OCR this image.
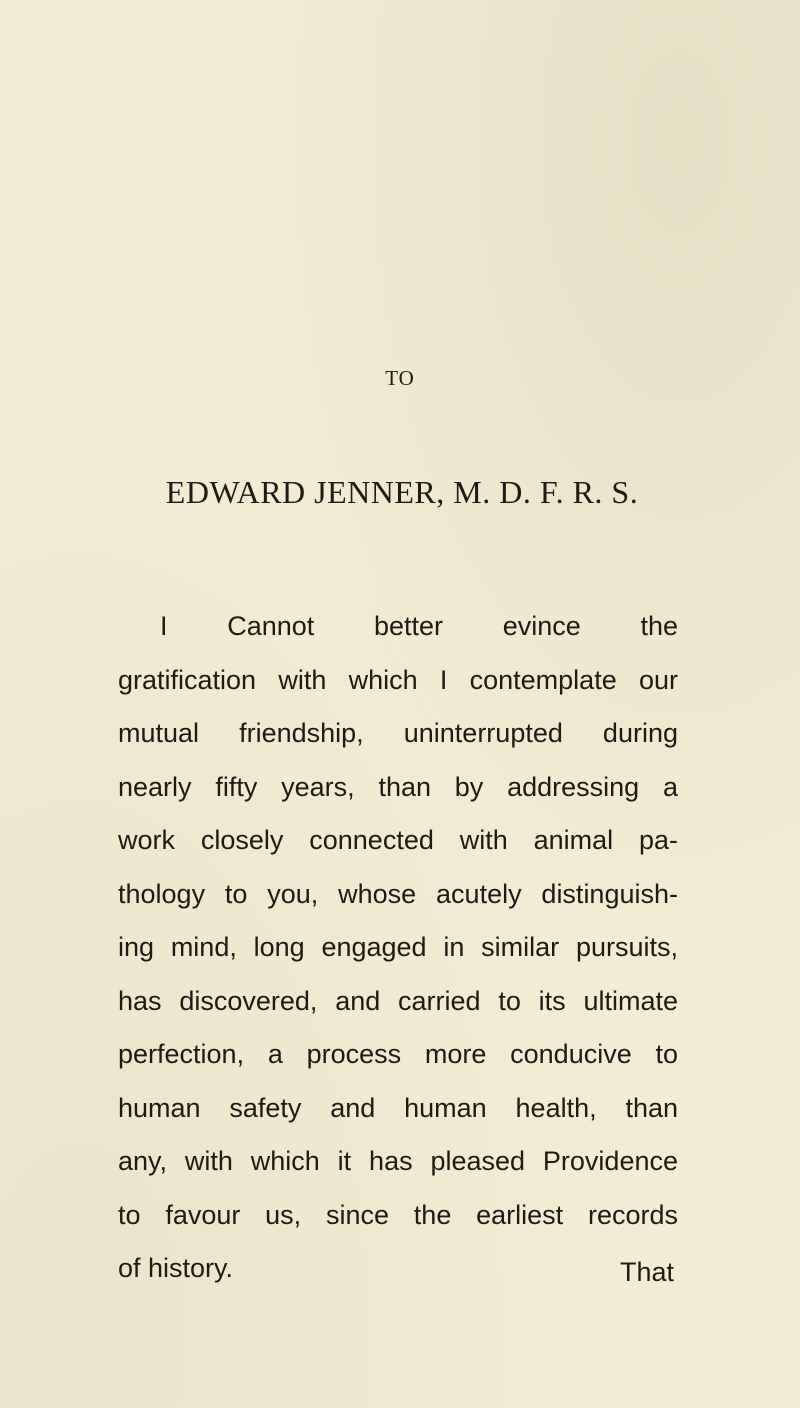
TO
EDWARD JENNER, M. D. F. R. S.
I Cannot better evince the
gratification with which I contemplate our
mutual friendship, uninterrupted during
nearly fifty years, than by addressing a
work closely connected with animal pa-
thology to you, whose acutely distinguish-
ing mind, long engaged in similar pursuits,
has discovered, and carried to its ultimate
perfection, a process more conducive to
human safety and human health, than
any, with which it has pleased Providence
to favour us, since the earliest records
of history.	That
